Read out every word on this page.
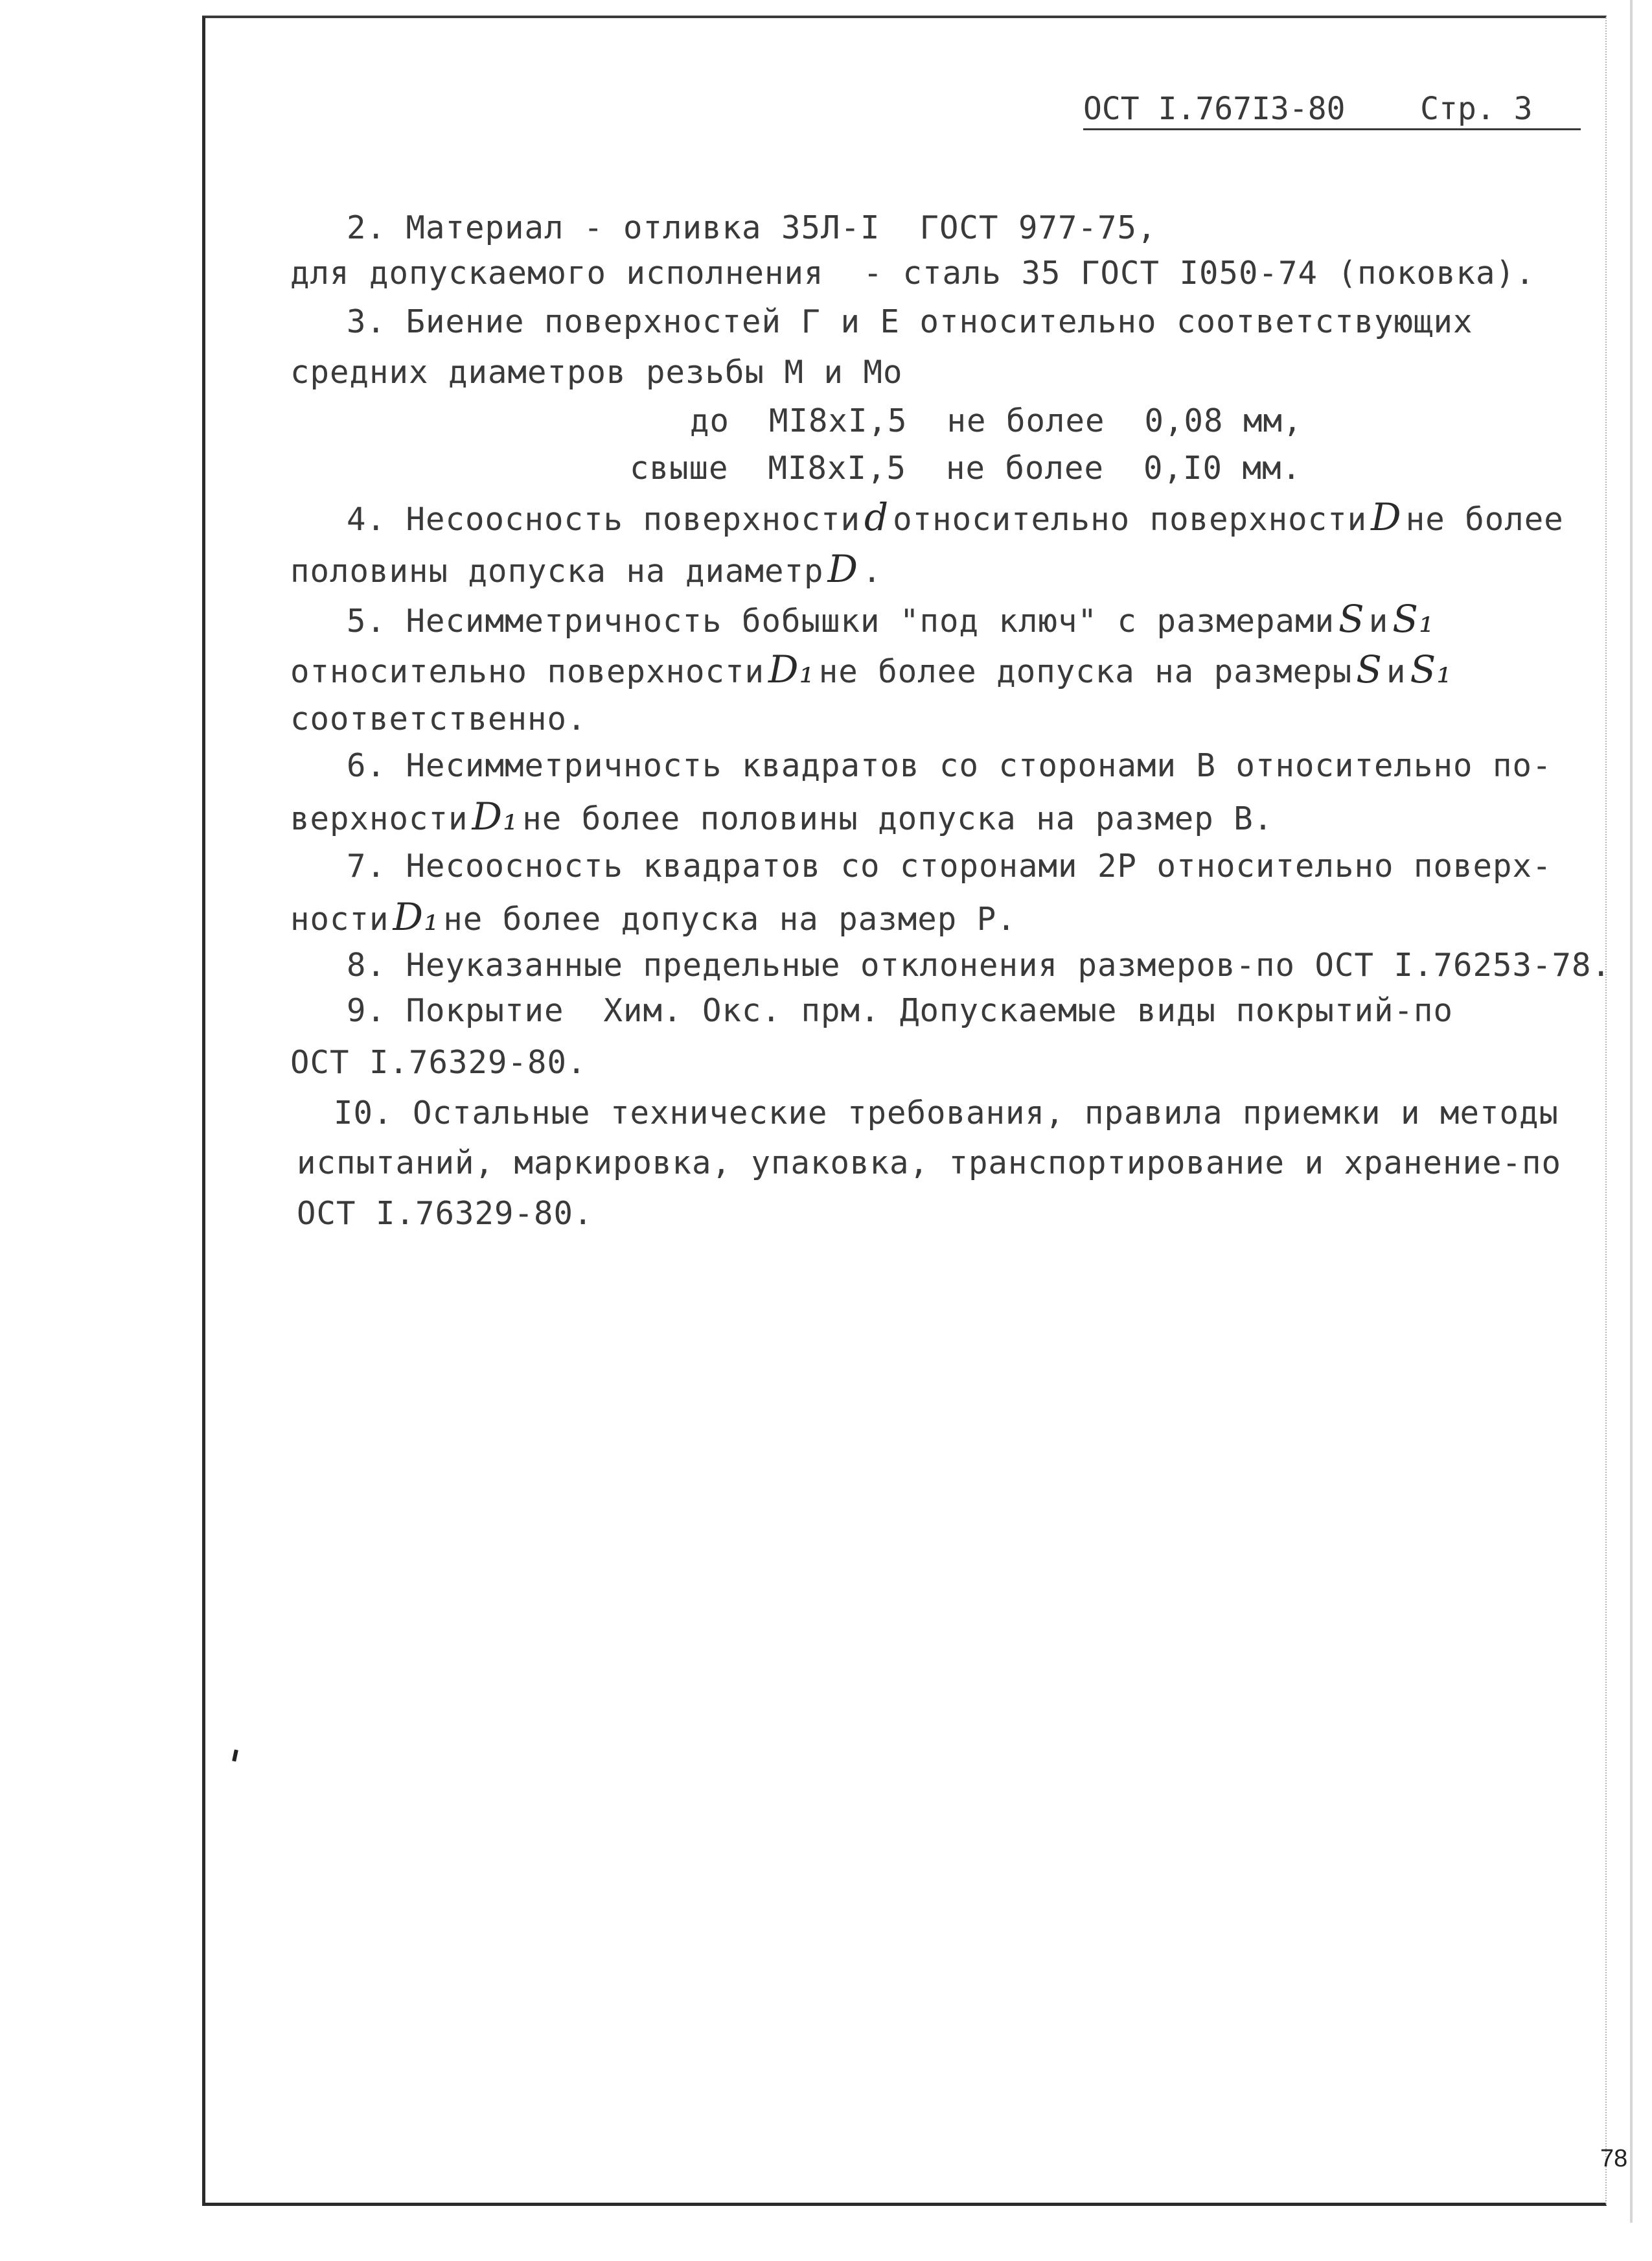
ОСТ I.767I3-80 Стр. 3
2. Материал - отливка 35Л-I  ГОСТ 977-75,
для допускаемого исполнения  - сталь 35 ГОСТ I050-74 (поковка).
3. Биение поверхностей Г и Е относительно соответствующих
средних диаметров резьбы М и Мо
до  MI8xI,5  не более  0,08 мм,
свыше  MI8xI,5  не более  0,I0 мм.
4. Несоосность поверхности d относительно поверхности D не более
половины допуска на диаметр D .
5. Несимметричность бобышки "под ключ" с размерами S и S₁
относительно поверхности D₁ не более допуска на размеры S и S₁
соответственно.
6. Несимметричность квадратов со сторонами В относительно по-
верхности D₁ не более половины допуска на размер В.
7. Несоосность квадратов со сторонами 2Р относительно поверх-
ности D₁ не более допуска на размер Р.
8. Неуказанные предельные отклонения размеров-по ОСТ I.76253-78.
9. Покрытие  Хим. Окс. прм. Допускаемые виды покрытий-по
ОСТ I.76329-80.
I0. Остальные технические требования, правила приемки и методы
испытаний, маркировка, упаковка, транспортирование и хранение-по
ОСТ I.76329-80.
78
